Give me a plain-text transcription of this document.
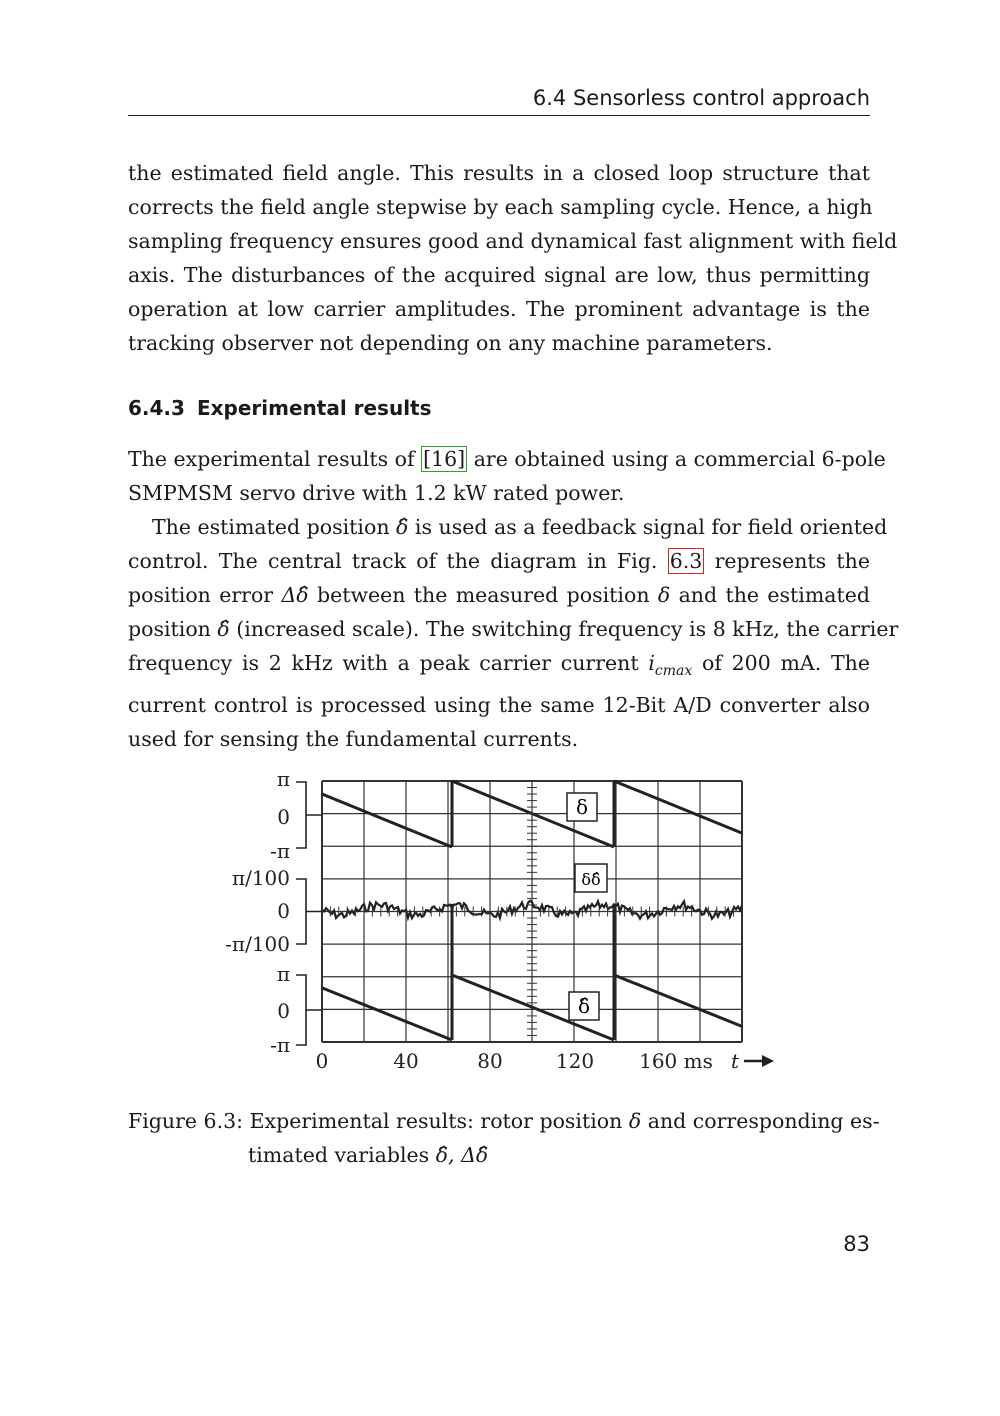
6.4 Sensorless control approach
the estimated field angle. This results in a closed loop structure that
corrects the field angle stepwise by each sampling cycle. Hence, a high
sampling frequency ensures good and dynamical fast alignment with field
axis. The disturbances of the acquired signal are low, thus permitting
operation at low carrier amplitudes. The prominent advantage is the
tracking observer not depending on any machine parameters.
6.4.3 Experimental results
The experimental results of [16] are obtained using a commercial 6-pole
SMPMSM servo drive with 1.2 kW rated power.
The estimated position δ̂ is used as a feedback signal for field oriented
control. The central track of the diagram in Fig. 6.3 represents the
position error Δδ̂ between the measured position δ and the estimated
position δ̂ (increased scale). The switching frequency is 8 kHz, the carrier
frequency is 2 kHz with a peak carrier current $i_{cmax}$ of 200 mA. The
current control is processed using the same 12-Bit A/D converter also
used for sensing the fundamental currents.
π
0
-π
π/100
0
-π/100
π
0
-π
0	40	80	120 160 ms t
δ
δδ̂
δ̂
Figure 6.3: Experimental results: rotor position δ and corresponding es-
timated variables δ̂, Δδ̂
83
